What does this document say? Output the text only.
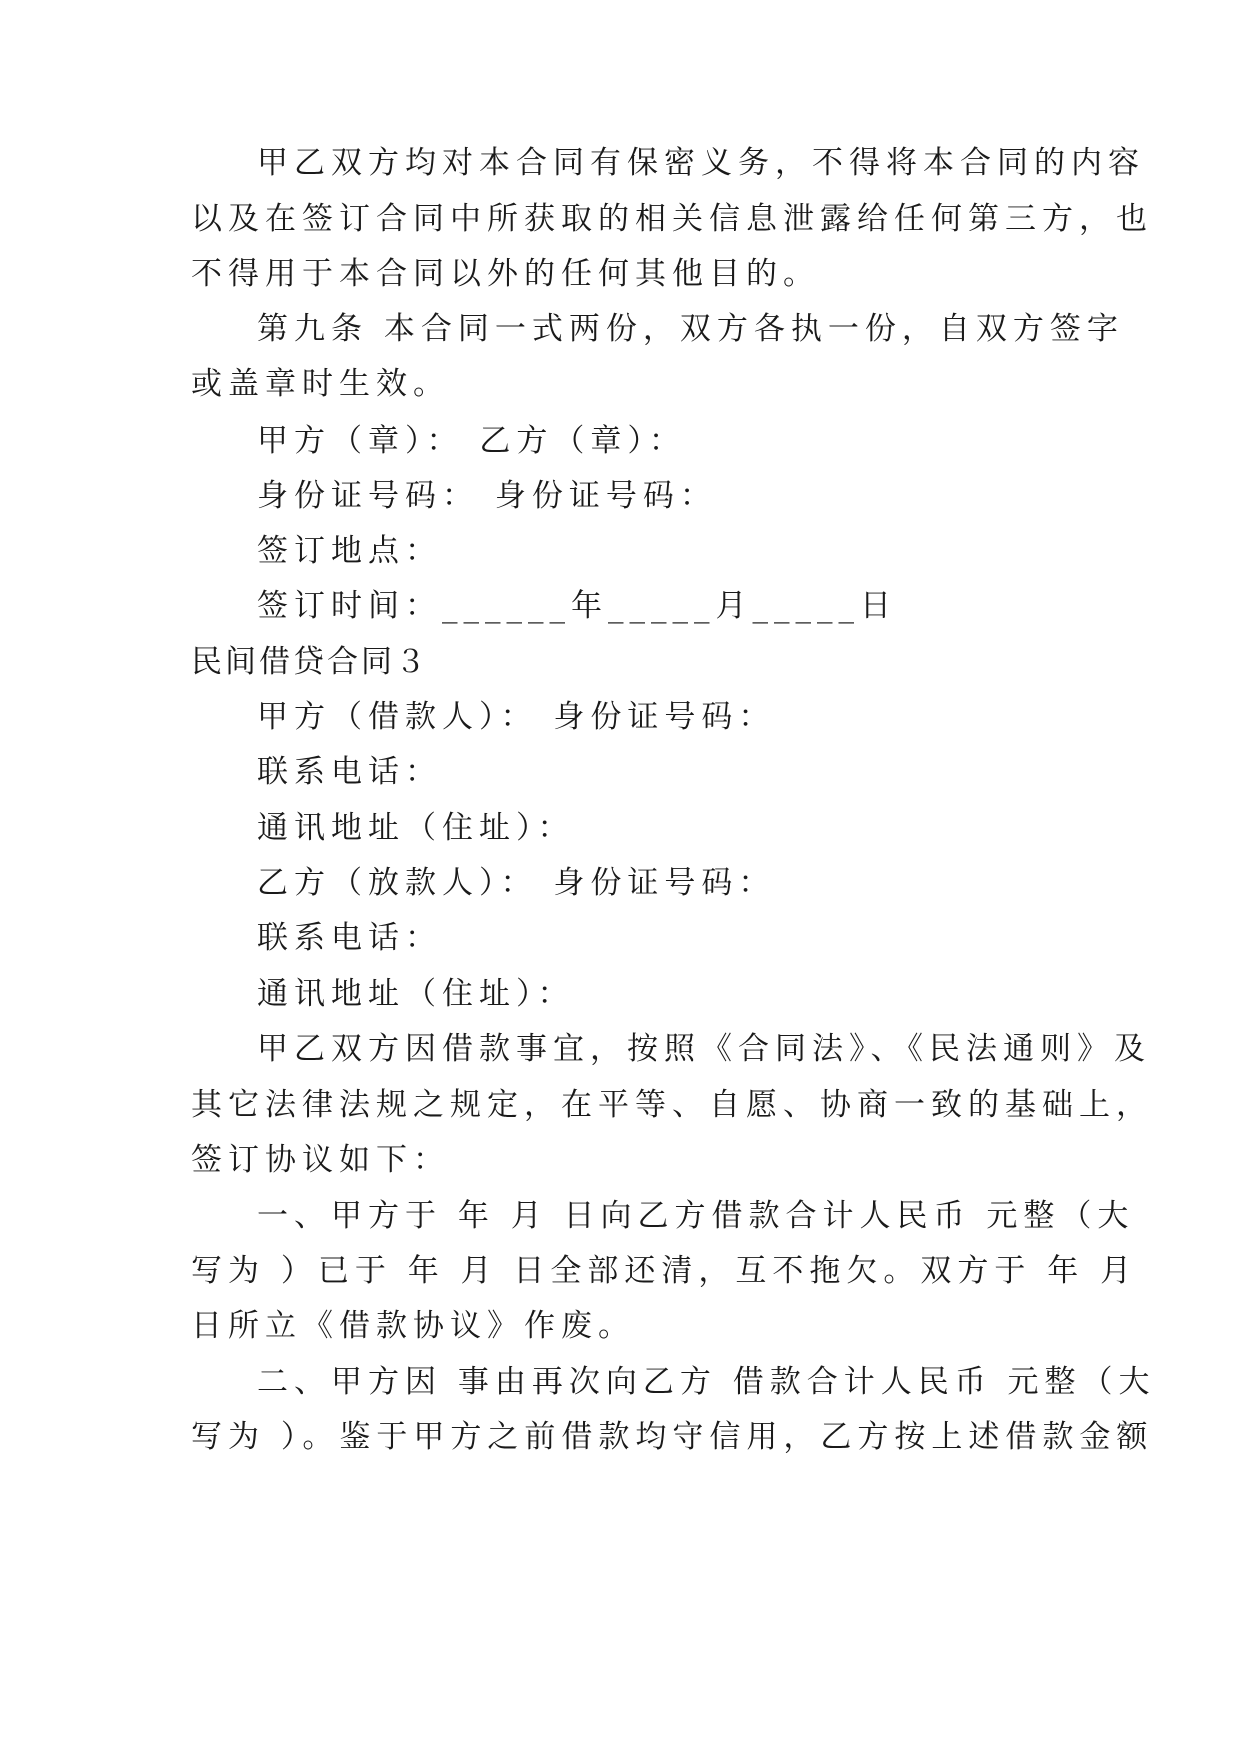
甲乙双方均对本合同有保密义务，不得将本合同的内容
以及在签订合同中所获取的相关信息泄露给任何第三方，也
不得用于本合同以外的任何其他目的。
第九条 本合同一式两份，双方各执一份，自双方签字
或盖章时生效。
甲方（章）： 乙方（章）：
身份证号码： 身份证号码：
签订地点：
签订时间：______年_____月_____日
民间借贷合同３
甲方（借款人）： 身份证号码：
联系电话：
通讯地址（住址）：
乙方（放款人）： 身份证号码：
联系电话：
通讯地址（住址）：
甲乙双方因借款事宜，按照《合同法》、《民法通则》及
其它法律法规之规定，在平等、自愿、协商一致的基础上，
签订协议如下：
一、甲方于 年 月 日向乙方借款合计人民币 元整（大
写为 ）已于 年 月 日全部还清，互不拖欠。双方于 年 月
日所立《借款协议》作废。
二、甲方因 事由再次向乙方 借款合计人民币 元整（大
写为 ）。鉴于甲方之前借款均守信用，乙方按上述借款金额
